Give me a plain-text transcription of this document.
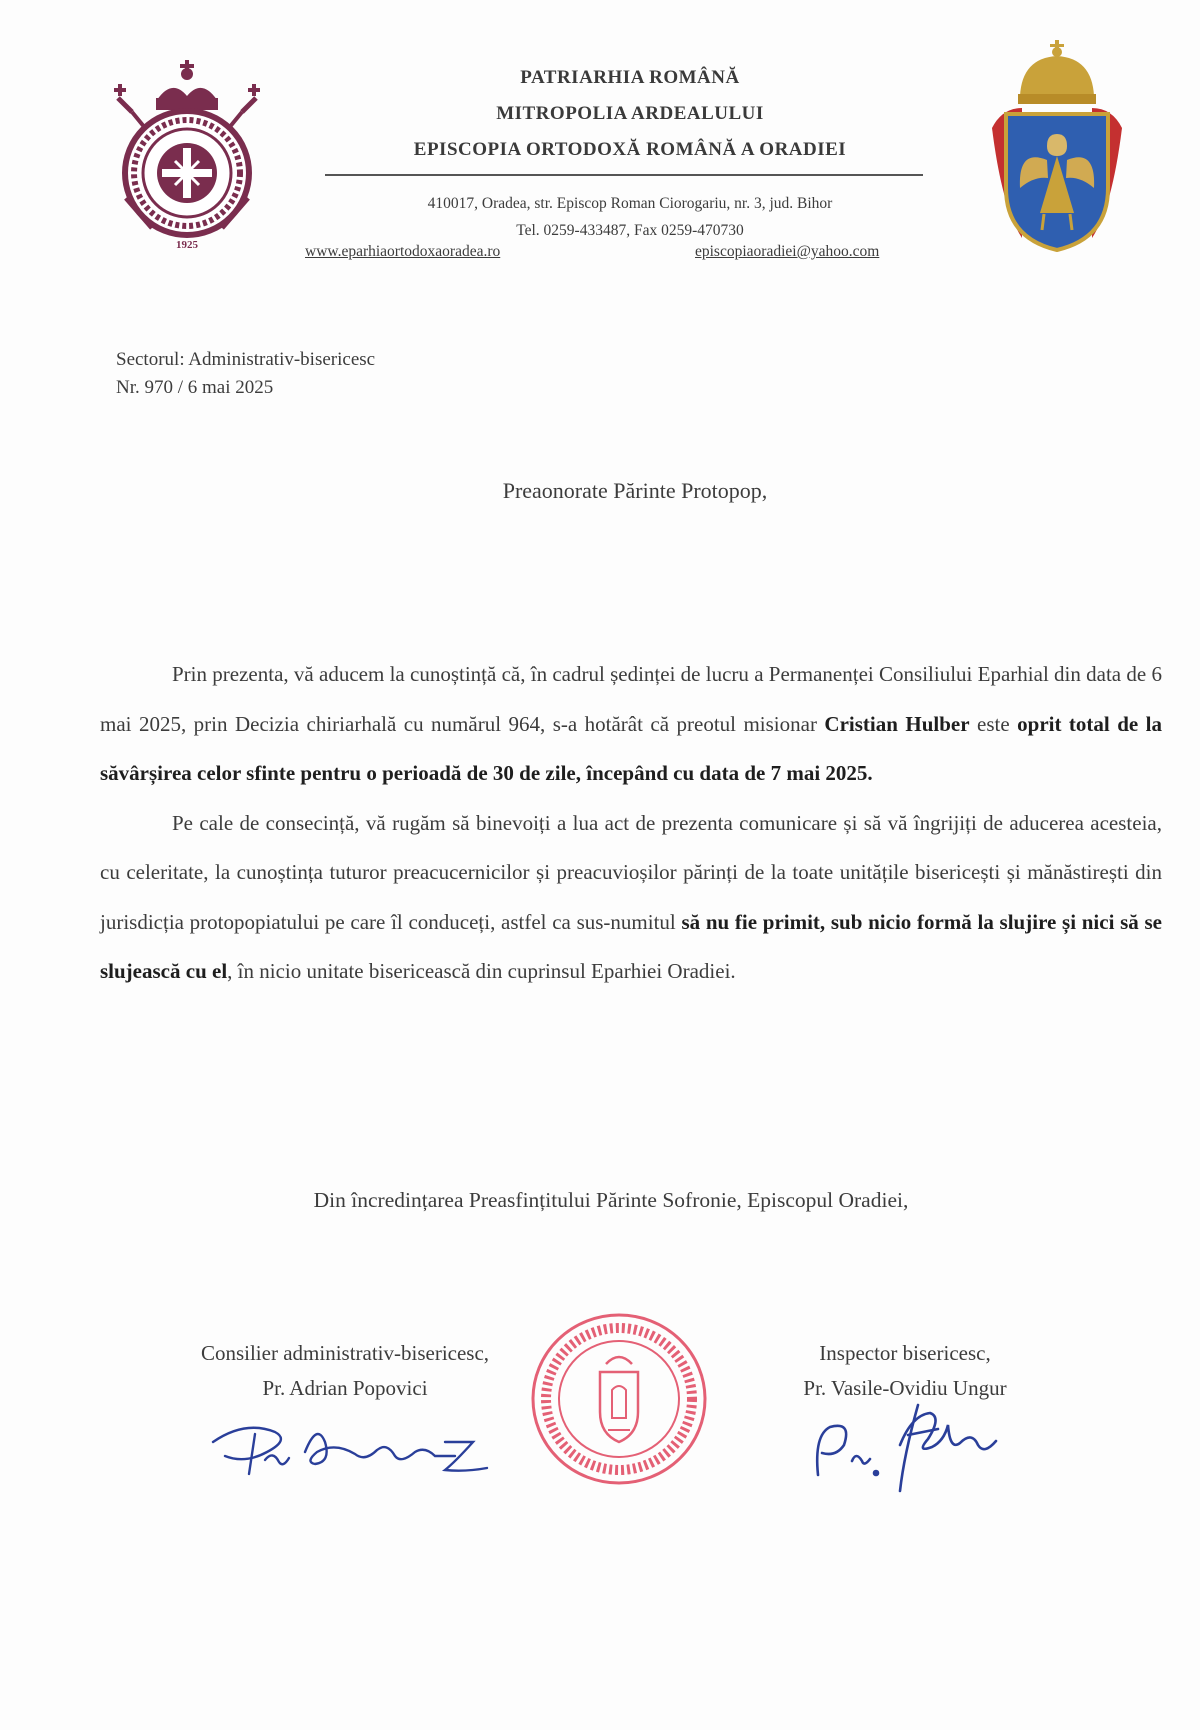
1925
PATRIARHIA ROMÂNĂ
MITROPOLIA ARDEALULUI
EPISCOPIA ORTODOXĂ ROMÂNĂ A ORADIEI
410017, Oradea, str. Episcop Roman Ciorogariu, nr. 3, jud. Bihor
Tel. 0259-433487, Fax 0259-470730
www.eparhiaortodoxaoradea.ro	episcopiaoradiei@yahoo.com
Sectorul: Administrativ-bisericesc
Nr. 970 / 6 mai 2025
Preaonorate Părinte Protopop,

Prin prezenta, vă aducem la cunoștință că, în cadrul ședinței de lucru a Permanenței Consiliului Eparhial din data de 6 mai 2025, prin Decizia chiriarhală cu numărul 964, s-a hotărât că preotul misionar Cristian Hulber este oprit total de la săvârșirea celor sfinte pentru o perioadă de 30 de zile, începând cu data de 7 mai 2025.

Pe cale de consecință, vă rugăm să binevoiți a lua act de prezenta comunicare și să vă îngrijiți de aducerea acesteia, cu celeritate, la cunoștința tuturor preacucernicilor și preacuvioșilor părinți de la toate unitățile bisericești și mănăstirești din jurisdicția protopopiatului pe care îl conduceți, astfel ca sus-numitul să nu fie primit, sub nicio formă la slujire și nici să se slujească cu el, în nicio unitate bisericească din cuprinsul Eparhiei Oradiei.

Din încredințarea Preasfințitului Părinte Sofronie, Episcopul Oradiei,
Consilier administrativ-bisericesc,
Pr. Adrian Popovici
Inspector bisericesc,
Pr. Vasile-Ovidiu Ungur
